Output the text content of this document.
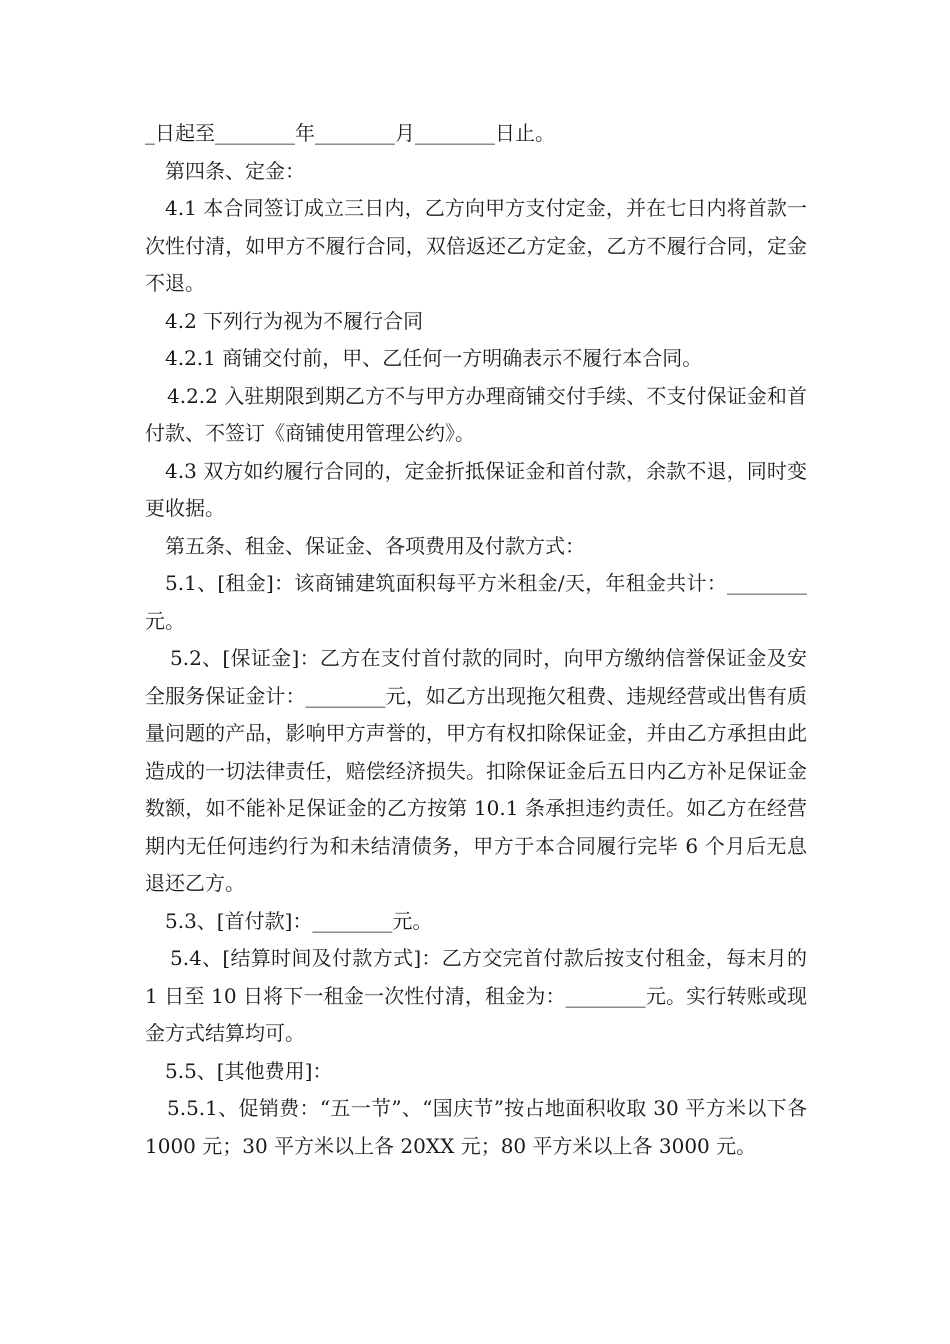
_日起至________年________月________日止。

第四条、定金：

4.1 本合同签订成立三日内，乙方向甲方支付定金，并在七日内将首款一次性付清，如甲方不履行合同，双倍返还乙方定金，乙方不履行合同，定金不退。

4.2 下列行为视为不履行合同

4.2.1 商铺交付前，甲、乙任何一方明确表示不履行本合同。

4.2.2 入驻期限到期乙方不与甲方办理商铺交付手续、不支付保证金和首付款、不签订《商铺使用管理公约》。

4.3 双方如约履行合同的，定金折抵保证金和首付款，余款不退，同时变更收据。

第五条、租金、保证金、各项费用及付款方式：

5.1、[租金]：该商铺建筑面积每平方米租金/天，年租金共计：________元。

5.2、[保证金]：乙方在支付首付款的同时，向甲方缴纳信誉保证金及安全服务保证金计：________元，如乙方出现拖欠租费、违规经营或出售有质量问题的产品，影响甲方声誉的，甲方有权扣除保证金，并由乙方承担由此造成的一切法律责任，赔偿经济损失。扣除保证金后五日内乙方补足保证金数额，如不能补足保证金的乙方按第 10.1 条承担违约责任。如乙方在经营期内无任何违约行为和未结清债务，甲方于本合同履行完毕 6 个月后无息退还乙方。

5.3、[首付款]：________元。

5.4、[结算时间及付款方式]：乙方交完首付款后按支付租金，每末月的 1 日至 10 日将下一租金一次性付清，租金为：________元。实行转账或现金方式结算均可。

5.5、[其他费用]：

5.5.1、促销费：“五一节”、“国庆节”按占地面积收取 30 平方米以下各 1000 元；30 平方米以上各 20XX 元；80 平方米以上各 3000 元。
